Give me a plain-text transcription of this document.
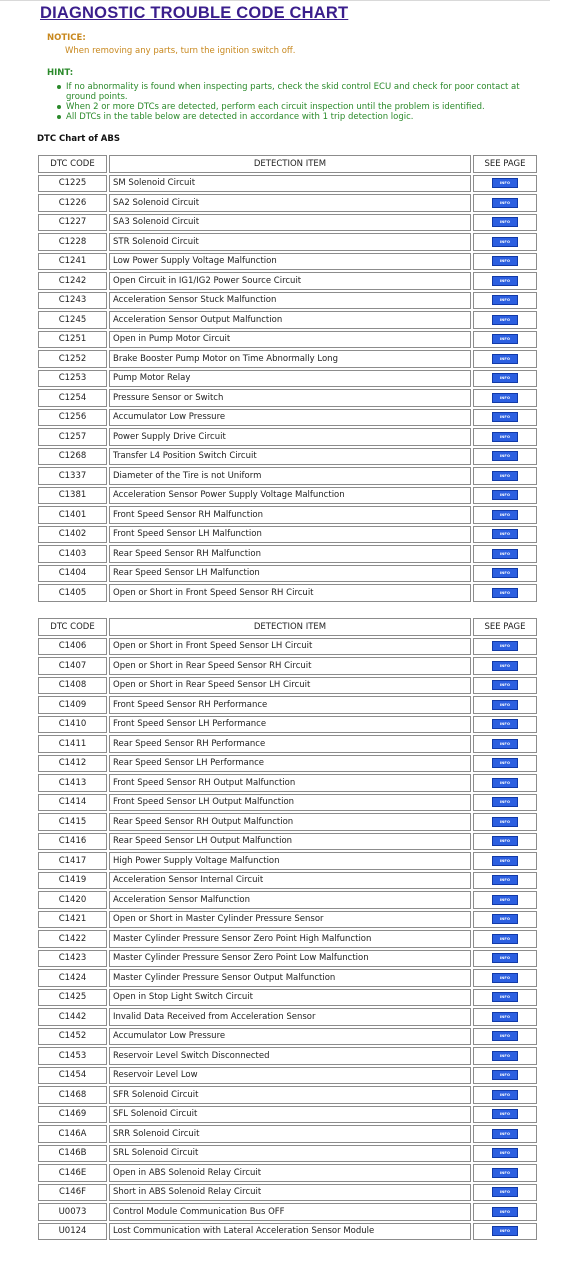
DIAGNOSTIC TROUBLE CODE CHART
NOTICE:
When removing any parts, turn the ignition switch off.
HINT:
If no abnormality is found when inspecting parts, check the skid control ECU and check for poor contact at ground points.
When 2 or more DTCs are detected, perform each circuit inspection until the problem is identified.
All DTCs in the table below are detected in accordance with 1 trip detection logic.
DTC Chart of ABS
DTC CODE	DETECTION ITEM	SEE PAGE
C1225	SM Solenoid Circuit	INFO
C1226	SA2 Solenoid Circuit	INFO
C1227	SA3 Solenoid Circuit	INFO
C1228	STR Solenoid Circuit	INFO
C1241	Low Power Supply Voltage Malfunction	INFO
C1242	Open Circuit in IG1/IG2 Power Source Circuit	INFO
C1243	Acceleration Sensor Stuck Malfunction	INFO
C1245	Acceleration Sensor Output Malfunction	INFO
C1251	Open in Pump Motor Circuit	INFO
C1252	Brake Booster Pump Motor on Time Abnormally Long	INFO
C1253	Pump Motor Relay	INFO
C1254	Pressure Sensor or Switch	INFO
C1256	Accumulator Low Pressure	INFO
C1257	Power Supply Drive Circuit	INFO
C1268	Transfer L4 Position Switch Circuit	INFO
C1337	Diameter of the Tire is not Uniform	INFO
C1381	Acceleration Sensor Power Supply Voltage Malfunction	INFO
C1401	Front Speed Sensor RH Malfunction	INFO
C1402	Front Speed Sensor LH Malfunction	INFO
C1403	Rear Speed Sensor RH Malfunction	INFO
C1404	Rear Speed Sensor LH Malfunction	INFO
C1405	Open or Short in Front Speed Sensor RH Circuit	INFO
DTC CODE	DETECTION ITEM	SEE PAGE
C1406	Open or Short in Front Speed Sensor LH Circuit	INFO
C1407	Open or Short in Rear Speed Sensor RH Circuit	INFO
C1408	Open or Short in Rear Speed Sensor LH Circuit	INFO
C1409	Front Speed Sensor RH Performance	INFO
C1410	Front Speed Sensor LH Performance	INFO
C1411	Rear Speed Sensor RH Performance	INFO
C1412	Rear Speed Sensor LH Performance	INFO
C1413	Front Speed Sensor RH Output Malfunction	INFO
C1414	Front Speed Sensor LH Output Malfunction	INFO
C1415	Rear Speed Sensor RH Output Malfunction	INFO
C1416	Rear Speed Sensor LH Output Malfunction	INFO
C1417	High Power Supply Voltage Malfunction	INFO
C1419	Acceleration Sensor Internal Circuit	INFO
C1420	Acceleration Sensor Malfunction	INFO
C1421	Open or Short in Master Cylinder Pressure Sensor	INFO
C1422	Master Cylinder Pressure Sensor Zero Point High Malfunction	INFO
C1423	Master Cylinder Pressure Sensor Zero Point Low Malfunction	INFO
C1424	Master Cylinder Pressure Sensor Output Malfunction	INFO
C1425	Open in Stop Light Switch Circuit	INFO
C1442	Invalid Data Received from Acceleration Sensor	INFO
C1452	Accumulator Low Pressure	INFO
C1453	Reservoir Level Switch Disconnected	INFO
C1454	Reservoir Level Low	INFO
C1468	SFR Solenoid Circuit	INFO
C1469	SFL Solenoid Circuit	INFO
C146A	SRR Solenoid Circuit	INFO
C146B	SRL Solenoid Circuit	INFO
C146E	Open in ABS Solenoid Relay Circuit	INFO
C146F	Short in ABS Solenoid Relay Circuit	INFO
U0073	Control Module Communication Bus OFF	INFO
U0124	Lost Communication with Lateral Acceleration Sensor Module	INFO
